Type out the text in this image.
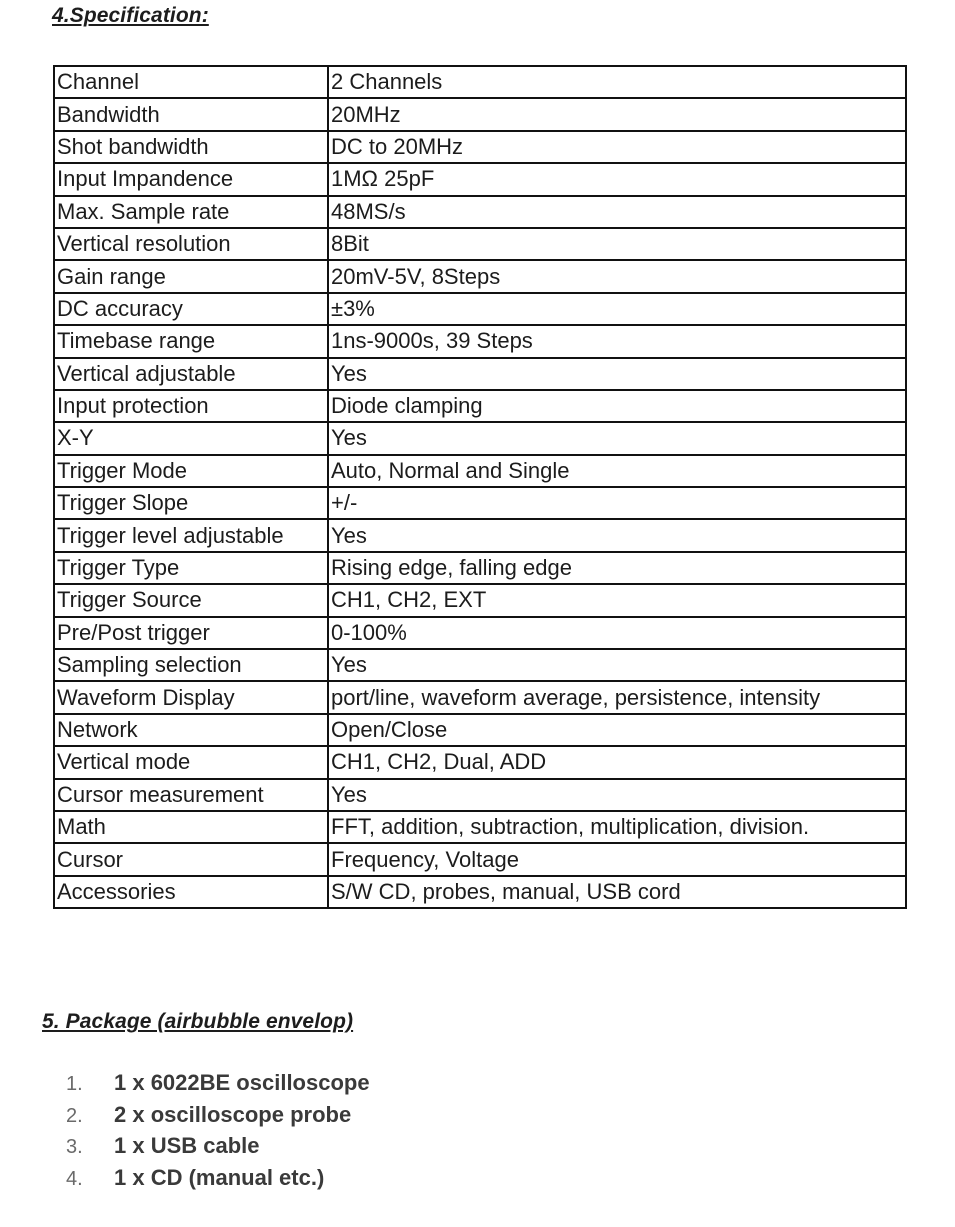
4.Specification:
Channel	2 Channels
Bandwidth	20MHz
Shot bandwidth	DC to 20MHz
Input Impandence	1MΩ 25pF
Max. Sample rate	48MS/s
Vertical resolution	8Bit
Gain range	20mV-5V, 8Steps
DC accuracy	±3%
Timebase range	1ns-9000s, 39 Steps
Vertical adjustable	Yes
Input protection	Diode clamping
X-Y	Yes
Trigger Mode	Auto, Normal and Single
Trigger Slope	+/-
Trigger level adjustable	Yes
Trigger Type	Rising edge, falling edge
Trigger Source	CH1, CH2, EXT
Pre/Post trigger	0-100%
Sampling selection	Yes
Waveform Display	port/line, waveform average, persistence, intensity
Network	Open/Close
Vertical mode	CH1, CH2, Dual, ADD
Cursor measurement	Yes
Math	FFT, addition, subtraction, multiplication, division.
Cursor	Frequency, Voltage
Accessories	S/W CD, probes, manual, USB cord
5. Package (airbubble envelop)
1. 1 x 6022BE oscilloscope
2. 2 x oscilloscope probe
3. 1 x USB cable
4. 1 x CD (manual etc.)
